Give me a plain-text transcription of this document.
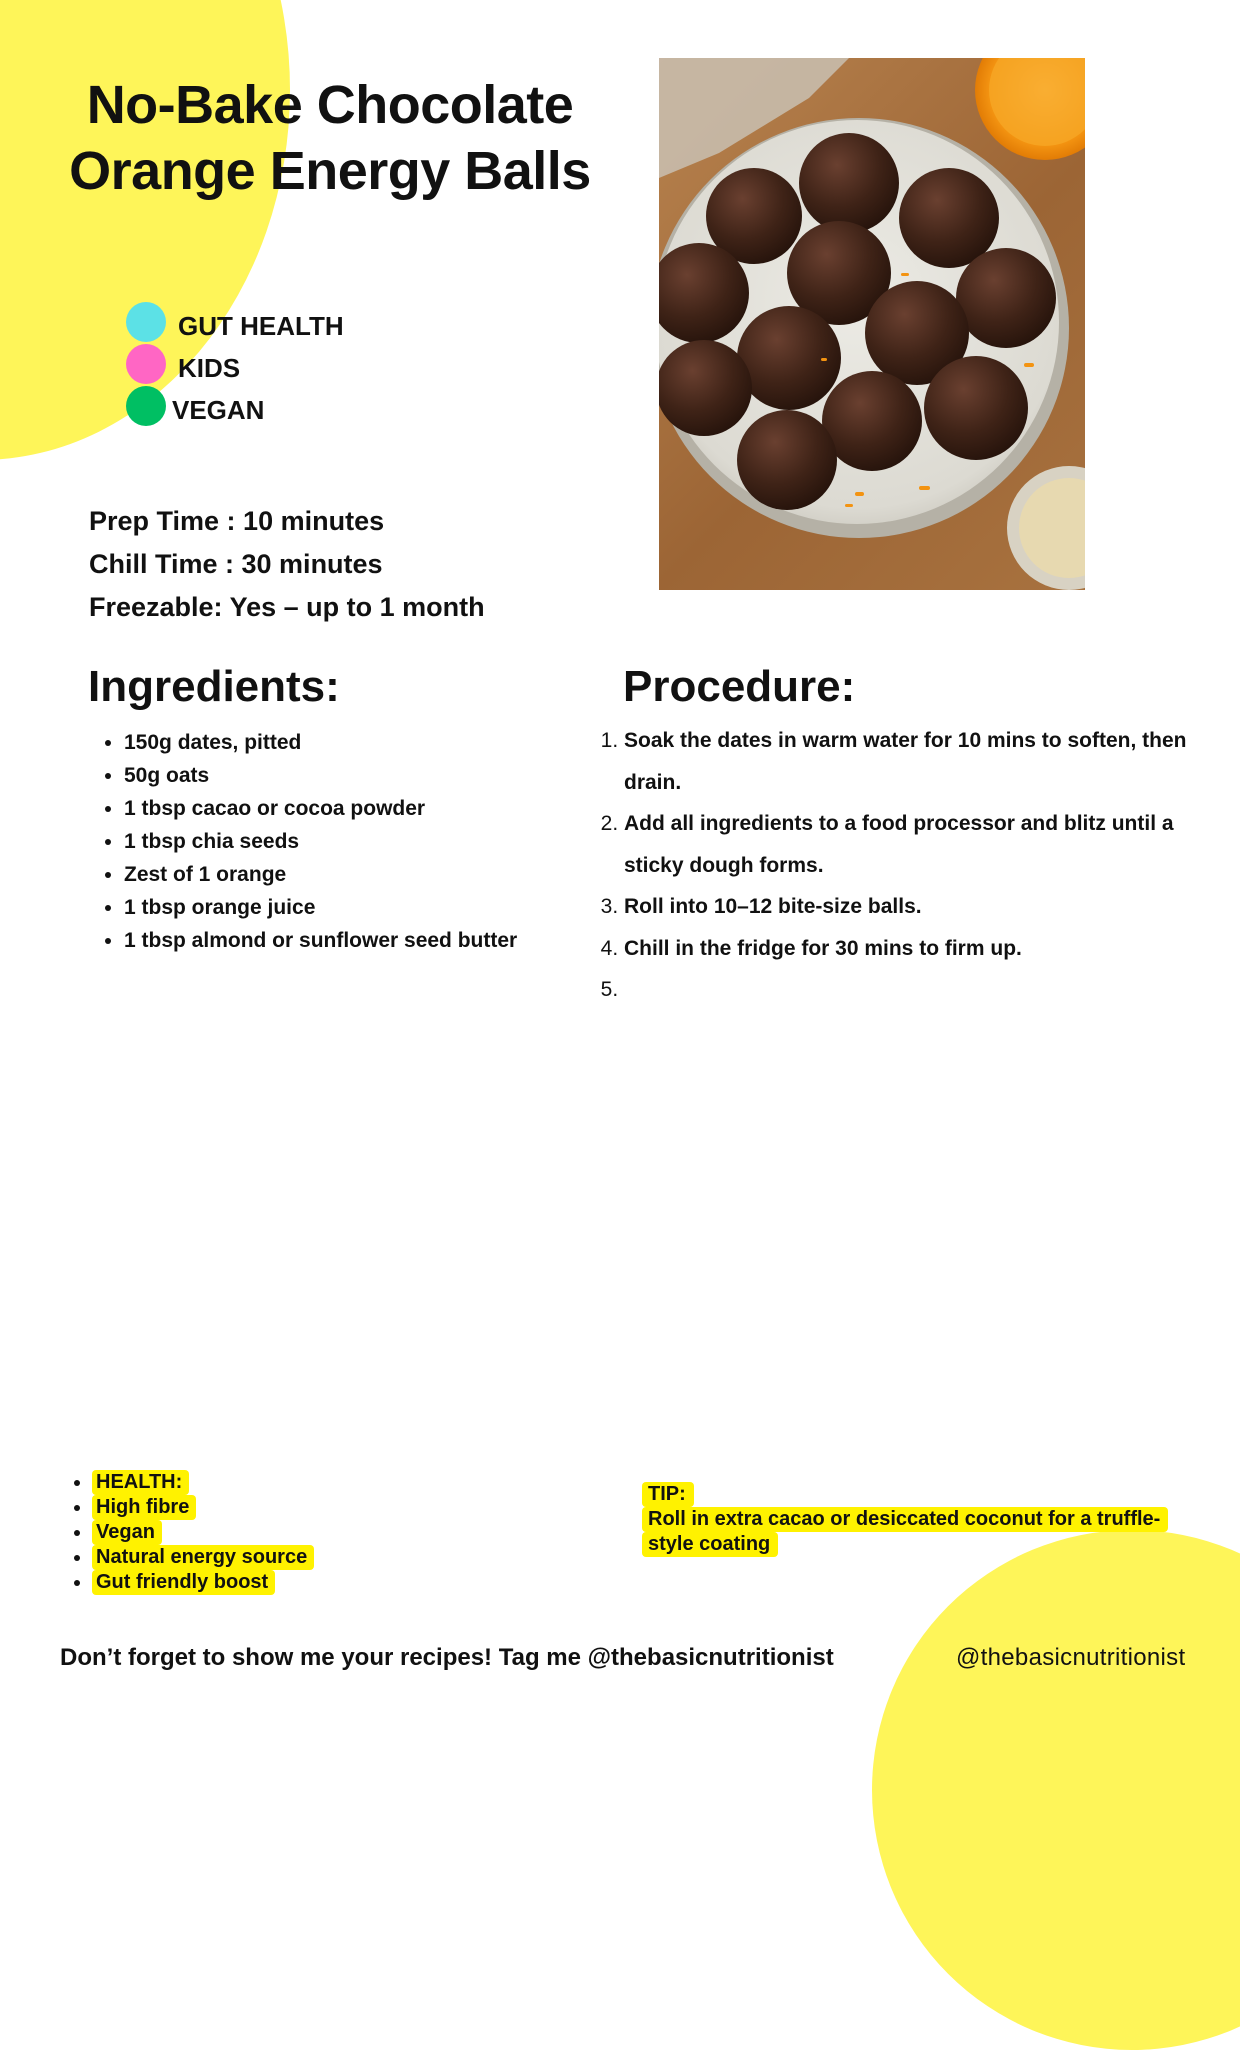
No-Bake Chocolate Orange Energy Balls
GUT HEALTH
KIDS
VEGAN
Prep Time : 10 minutes
Chill Time : 30 minutes
Freezable: Yes – up to 1 month
Ingredients:
• 150g dates, pitted
• 50g oats
• 1 tbsp cacao or cocoa powder
• 1 tbsp chia seeds
• Zest of 1 orange
• 1 tbsp orange juice
• 1 tbsp almond or sunflower seed butter
Procedure:
1. Soak the dates in warm water for 10 mins to soften, then drain.
2. Add all ingredients to a food processor and blitz until a sticky dough forms.
3. Roll into 10–12 bite-size balls.
4. Chill in the fridge for 30 mins to firm up.
5.
• HEALTH:
• High fibre
• Vegan
• Natural energy source
• Gut friendly boost
TIP:
Roll in extra cacao or desiccated coconut for a truffle-style coating
Don’t forget to show me your recipes! Tag me @thebasicnutritionist	@thebasicnutritionist
